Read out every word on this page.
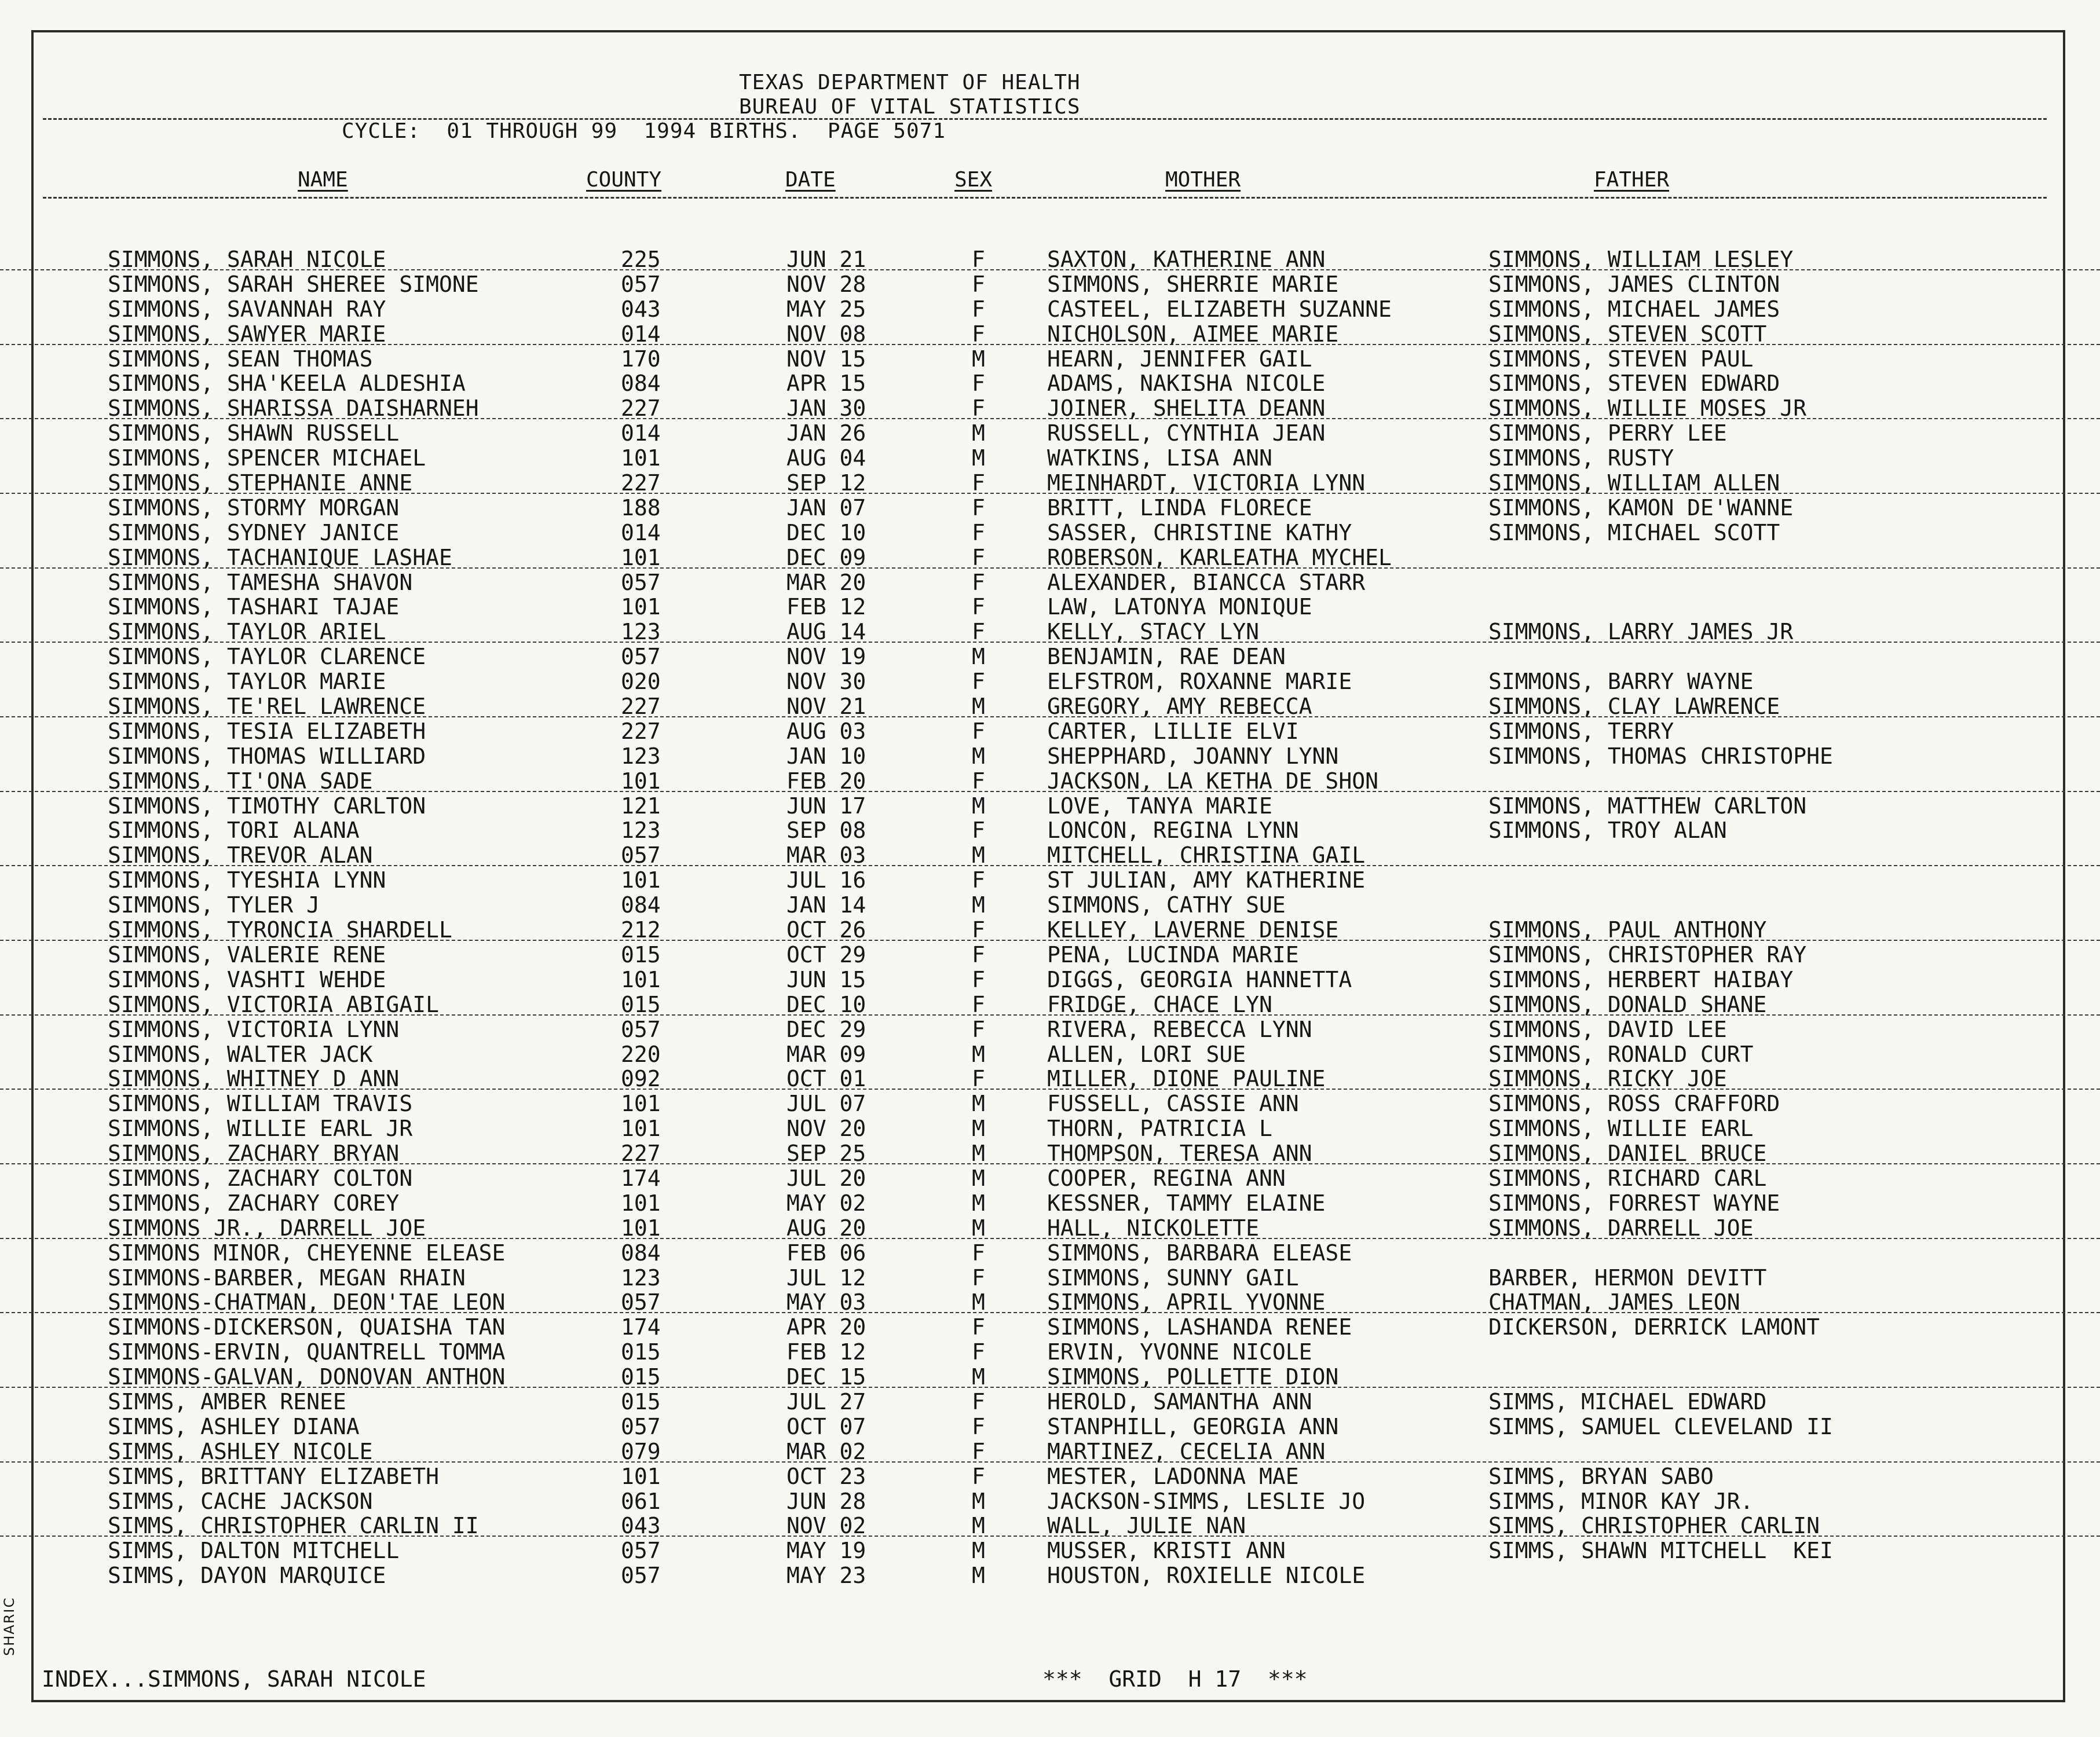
TEXAS DEPARTMENT OF HEALTH
BUREAU OF VITAL STATISTICS
CYCLE:  01 THROUGH 99  1994 BIRTHS.  PAGE 5071
NAME	COUNTY	DATE	SEX	MOTHER	FATHER
SIMMONS, SARAH NICOLE	225	JUN 21	F	SAXTON, KATHERINE ANN	SIMMONS, WILLIAM LESLEY
SIMMONS, SARAH SHEREE SIMONE	057	NOV 28	F	SIMMONS, SHERRIE MARIE	SIMMONS, JAMES CLINTON
SIMMONS, SAVANNAH RAY	043	MAY 25	F	CASTEEL, ELIZABETH SUZANNE	SIMMONS, MICHAEL JAMES
SIMMONS, SAWYER MARIE	014	NOV 08	F	NICHOLSON, AIMEE MARIE	SIMMONS, STEVEN SCOTT
SIMMONS, SEAN THOMAS	170	NOV 15	M	HEARN, JENNIFER GAIL	SIMMONS, STEVEN PAUL
SIMMONS, SHA'KEELA ALDESHIA	084	APR 15	F	ADAMS, NAKISHA NICOLE	SIMMONS, STEVEN EDWARD
SIMMONS, SHARISSA DAISHARNEH	227	JAN 30	F	JOINER, SHELITA DEANN	SIMMONS, WILLIE MOSES JR
SIMMONS, SHAWN RUSSELL	014	JAN 26	M	RUSSELL, CYNTHIA JEAN	SIMMONS, PERRY LEE
SIMMONS, SPENCER MICHAEL	101	AUG 04	M	WATKINS, LISA ANN	SIMMONS, RUSTY
SIMMONS, STEPHANIE ANNE	227	SEP 12	F	MEINHARDT, VICTORIA LYNN	SIMMONS, WILLIAM ALLEN
SIMMONS, STORMY MORGAN	188	JAN 07	F	BRITT, LINDA FLORECE	SIMMONS, KAMON DE'WANNE
SIMMONS, SYDNEY JANICE	014	DEC 10	F	SASSER, CHRISTINE KATHY	SIMMONS, MICHAEL SCOTT
SIMMONS, TACHANIQUE LASHAE	101	DEC 09	F	ROBERSON, KARLEATHA MYCHEL
SIMMONS, TAMESHA SHAVON	057	MAR 20	F	ALEXANDER, BIANCCA STARR
SIMMONS, TASHARI TAJAE	101	FEB 12	F	LAW, LATONYA MONIQUE
SIMMONS, TAYLOR ARIEL	123	AUG 14	F	KELLY, STACY LYN	SIMMONS, LARRY JAMES JR
SIMMONS, TAYLOR CLARENCE	057	NOV 19	M	BENJAMIN, RAE DEAN
SIMMONS, TAYLOR MARIE	020	NOV 30	F	ELFSTROM, ROXANNE MARIE	SIMMONS, BARRY WAYNE
SIMMONS, TE'REL LAWRENCE	227	NOV 21	M	GREGORY, AMY REBECCA	SIMMONS, CLAY LAWRENCE
SIMMONS, TESIA ELIZABETH	227	AUG 03	F	CARTER, LILLIE ELVI	SIMMONS, TERRY
SIMMONS, THOMAS WILLIARD	123	JAN 10	M	SHEPPHARD, JOANNY LYNN	SIMMONS, THOMAS CHRISTOPHE
SIMMONS, TI'ONA SADE	101	FEB 20	F	JACKSON, LA KETHA DE SHON
SIMMONS, TIMOTHY CARLTON	121	JUN 17	M	LOVE, TANYA MARIE	SIMMONS, MATTHEW CARLTON
SIMMONS, TORI ALANA	123	SEP 08	F	LONCON, REGINA LYNN	SIMMONS, TROY ALAN
SIMMONS, TREVOR ALAN	057	MAR 03	M	MITCHELL, CHRISTINA GAIL
SIMMONS, TYESHIA LYNN	101	JUL 16	F	ST JULIAN, AMY KATHERINE
SIMMONS, TYLER J	084	JAN 14	M	SIMMONS, CATHY SUE
SIMMONS, TYRONCIA SHARDELL	212	OCT 26	F	KELLEY, LAVERNE DENISE	SIMMONS, PAUL ANTHONY
SIMMONS, VALERIE RENE	015	OCT 29	F	PENA, LUCINDA MARIE	SIMMONS, CHRISTOPHER RAY
SIMMONS, VASHTI WEHDE	101	JUN 15	F	DIGGS, GEORGIA HANNETTA	SIMMONS, HERBERT HAIBAY
SIMMONS, VICTORIA ABIGAIL	015	DEC 10	F	FRIDGE, CHACE LYN	SIMMONS, DONALD SHANE
SIMMONS, VICTORIA LYNN	057	DEC 29	F	RIVERA, REBECCA LYNN	SIMMONS, DAVID LEE
SIMMONS, WALTER JACK	220	MAR 09	M	ALLEN, LORI SUE	SIMMONS, RONALD CURT
SIMMONS, WHITNEY D ANN	092	OCT 01	F	MILLER, DIONE PAULINE	SIMMONS, RICKY JOE
SIMMONS, WILLIAM TRAVIS	101	JUL 07	M	FUSSELL, CASSIE ANN	SIMMONS, ROSS CRAFFORD
SIMMONS, WILLIE EARL JR	101	NOV 20	M	THORN, PATRICIA L	SIMMONS, WILLIE EARL
SIMMONS, ZACHARY BRYAN	227	SEP 25	M	THOMPSON, TERESA ANN	SIMMONS, DANIEL BRUCE
SIMMONS, ZACHARY COLTON	174	JUL 20	M	COOPER, REGINA ANN	SIMMONS, RICHARD CARL
SIMMONS, ZACHARY COREY	101	MAY 02	M	KESSNER, TAMMY ELAINE	SIMMONS, FORREST WAYNE
SIMMONS JR., DARRELL JOE	101	AUG 20	M	HALL, NICKOLETTE	SIMMONS, DARRELL JOE
SIMMONS MINOR, CHEYENNE ELEASE	084	FEB 06	F	SIMMONS, BARBARA ELEASE
SIMMONS-BARBER, MEGAN RHAIN	123	JUL 12	F	SIMMONS, SUNNY GAIL	BARBER, HERMON DEVITT
SIMMONS-CHATMAN, DEON'TAE LEON	057	MAY 03	M	SIMMONS, APRIL YVONNE	CHATMAN, JAMES LEON
SIMMONS-DICKERSON, QUAISHA TAN	174	APR 20	F	SIMMONS, LASHANDA RENEE	DICKERSON, DERRICK LAMONT
SIMMONS-ERVIN, QUANTRELL TOMMA	015	FEB 12	F	ERVIN, YVONNE NICOLE
SIMMONS-GALVAN, DONOVAN ANTHON	015	DEC 15	M	SIMMONS, POLLETTE DION
SIMMS, AMBER RENEE	015	JUL 27	F	HEROLD, SAMANTHA ANN	SIMMS, MICHAEL EDWARD
SIMMS, ASHLEY DIANA	057	OCT 07	F	STANPHILL, GEORGIA ANN	SIMMS, SAMUEL CLEVELAND II
SIMMS, ASHLEY NICOLE	079	MAR 02	F	MARTINEZ, CECELIA ANN
SIMMS, BRITTANY ELIZABETH	101	OCT 23	F	MESTER, LADONNA MAE	SIMMS, BRYAN SABO
SIMMS, CACHE JACKSON	061	JUN 28	M	JACKSON-SIMMS, LESLIE JO	SIMMS, MINOR KAY JR.
SIMMS, CHRISTOPHER CARLIN II	043	NOV 02	M	WALL, JULIE NAN	SIMMS, CHRISTOPHER CARLIN
SIMMS, DALTON MITCHELL	057	MAY 19	M	MUSSER, KRISTI ANN	SIMMS, SHAWN MITCHELL  KEI
SIMMS, DAYON MARQUICE	057	MAY 23	M	HOUSTON, ROXIELLE NICOLE
SHARIC
INDEX...SIMMONS, SARAH NICOLE	***  GRID  H 17  ***
